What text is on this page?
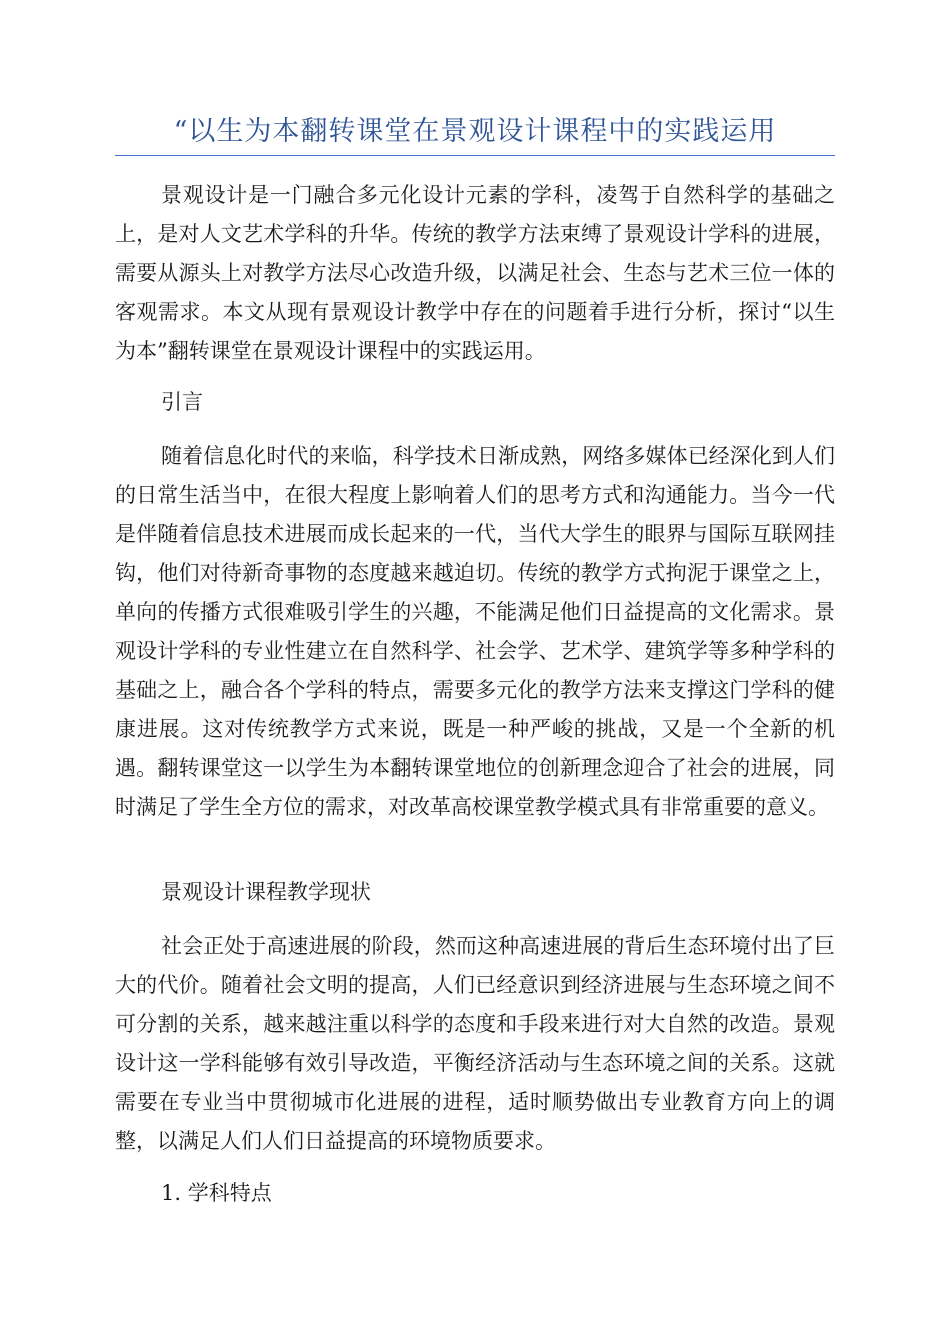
“以生为本翻转课堂在景观设计课程中的实践运用

景观设计是一门融合多元化设计元素的学科，凌驾于自然科学的基础之上，是对人文艺术学科的升华。传统的教学方法束缚了景观设计学科的进展，需要从源头上对教学方法尽心改造升级，以满足社会、生态与艺术三位一体的客观需求。本文从现有景观设计教学中存在的问题着手进行分析，探讨“以生为本”翻转课堂在景观设计课程中的实践运用。

引言

随着信息化时代的来临，科学技术日渐成熟，网络多媒体已经深化到人们的日常生活当中，在很大程度上影响着人们的思考方式和沟通能力。当今一代是伴随着信息技术进展而成长起来的一代，当代大学生的眼界与国际互联网挂钩，他们对待新奇事物的态度越来越迫切。传统的教学方式拘泥于课堂之上，单向的传播方式很难吸引学生的兴趣，不能满足他们日益提高的文化需求。景观设计学科的专业性建立在自然科学、社会学、艺术学、建筑学等多种学科的基础之上，融合各个学科的特点，需要多元化的教学方法来支撑这门学科的健康进展。这对传统教学方式来说，既是一种严峻的挑战，又是一个全新的机遇。翻转课堂这一以学生为本翻转课堂地位的创新理念迎合了社会的进展，同时满足了学生全方位的需求，对改革高校课堂教学模式具有非常重要的意义。

景观设计课程教学现状

社会正处于高速进展的阶段，然而这种高速进展的背后生态环境付出了巨大的代价。随着社会文明的提高，人们已经意识到经济进展与生态环境之间不可分割的关系，越来越注重以科学的态度和手段来进行对大自然的改造。景观设计这一学科能够有效引导改造，平衡经济活动与生态环境之间的关系。这就需要在专业当中贯彻城市化进展的进程，适时顺势做出专业教育方向上的调整，以满足人们人们日益提高的环境物质要求。

1. 学科特点
